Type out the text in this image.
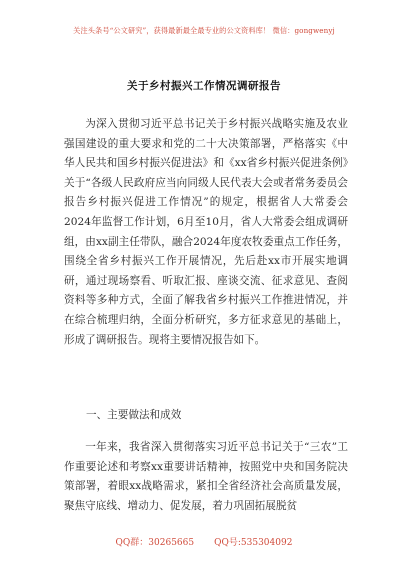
关注头条号“公文研究”，获得最新最全最专业的公文资料库！ 微信：gongwenyj
关于乡村振兴工作情况调研报告

为深入贯彻习近平总书记关于乡村振兴战略实施及农业强国建设的重大要求和党的二十大决策部署，严格落实《中华人民共和国乡村振兴促进法》和《xx省乡村振兴促进条例》关于“各级人民政府应当向同级人民代表大会或者常务委员会报告乡村振兴促进工作情况”的规定，根据省人大常委会2024年监督工作计划，6月至10月，省人大常委会组成调研组，由xx副主任带队，融合2024年度农牧委重点工作任务，围绕全省乡村振兴工作开展情况，先后赴xx市开展实地调研，通过现场察看、听取汇报、座谈交流、征求意见、查阅资料等多种方式，全面了解我省乡村振兴工作推进情况，并在综合梳理归纳，全面分析研究，多方征求意见的基础上，形成了调研报告。现将主要情况报告如下。

一、主要做法和成效

一年来，我省深入贯彻落实习近平总书记关于“三农”工作重要论述和考察xx重要讲话精神，按照党中央和国务院决策部署，着眼xx战略需求，紧扣全省经济社会高质量发展，聚焦守底线、增动力、促发展，着力巩固拓展脱贫

QQ群：30265665 QQ号:535304092
